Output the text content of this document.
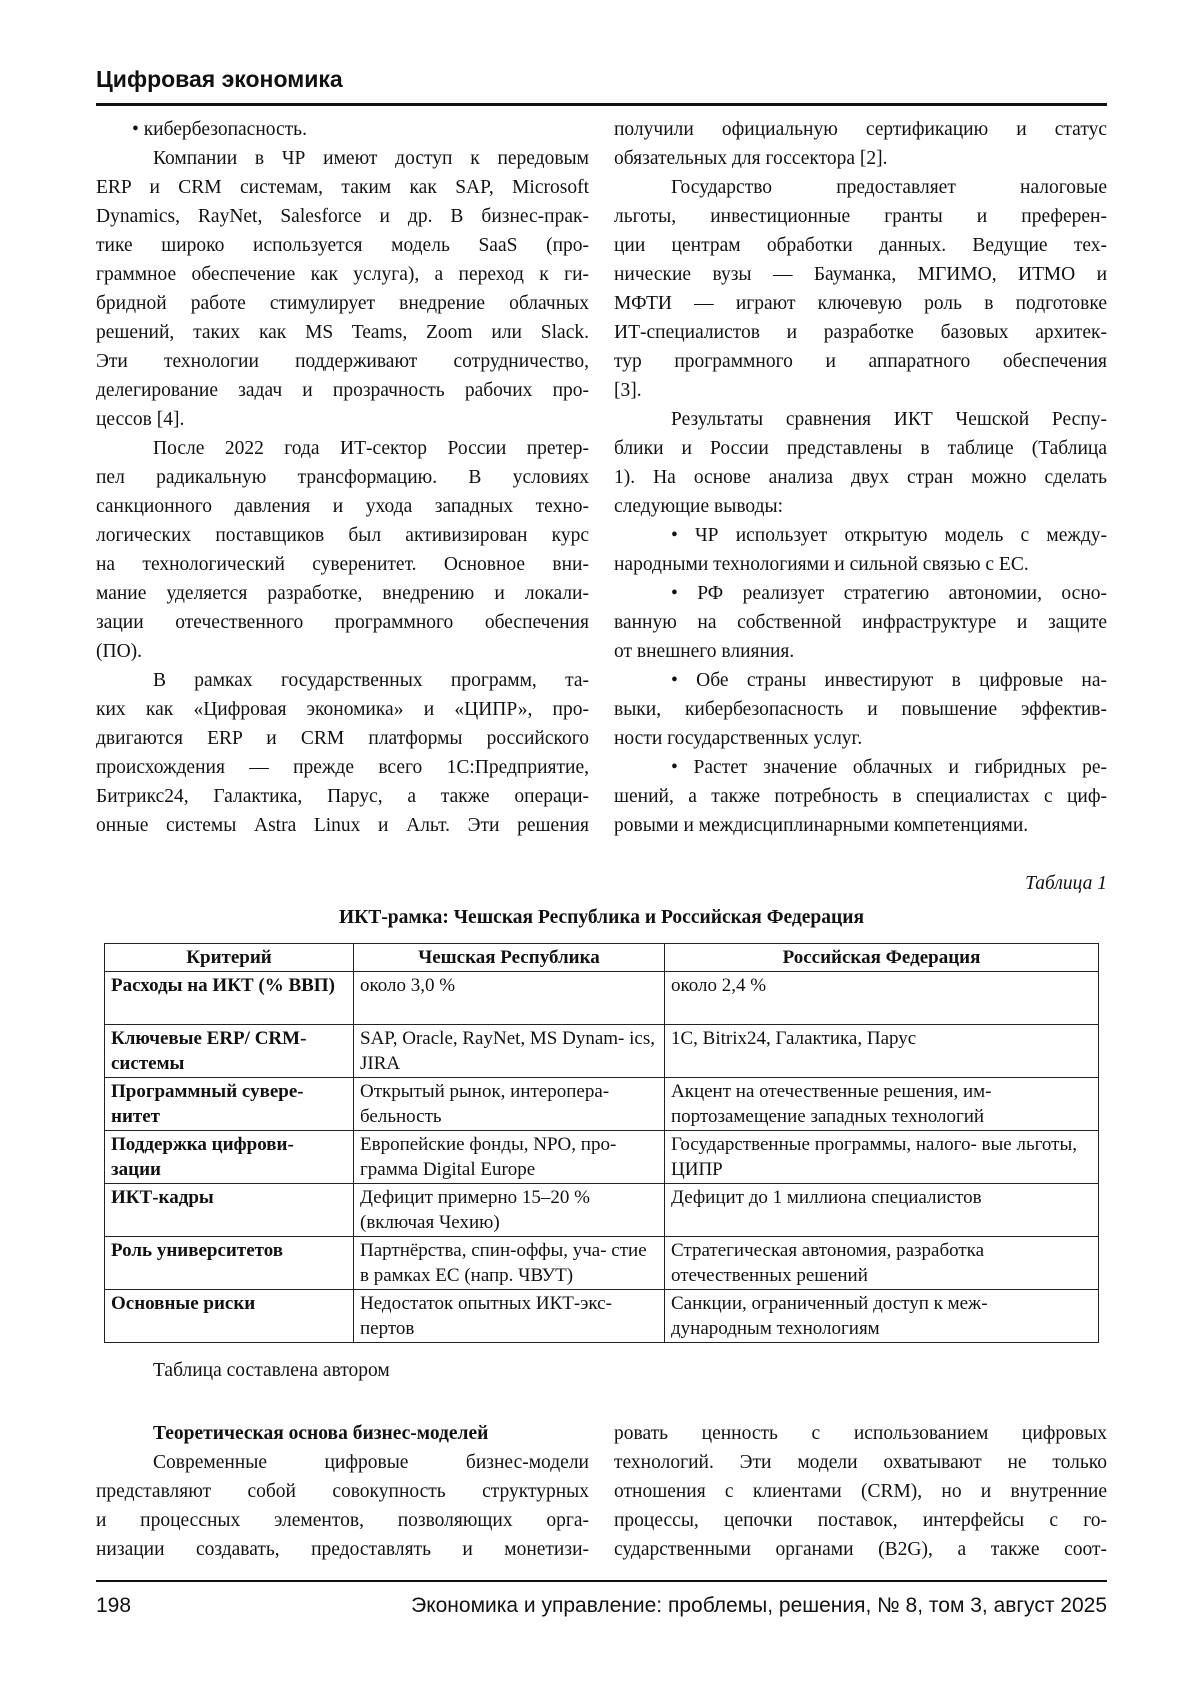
Цифровая экономика
• кибербезопасность.
Компании в ЧР имеют доступ к передовым
ERP и CRM системам, таким как SAP, Microsoft
Dynamics, RayNet, Salesforce и др. В бизнес-прак-
тике широко используется модель SaaS (про-
граммное обеспечение как услуга), а переход к ги-
бридной работе стимулирует внедрение облачных
решений, таких как MS Teams, Zoom или Slack.
Эти технологии поддерживают сотрудничество,
делегирование задач и прозрачность рабочих про-
цессов [4].
После 2022 года ИТ-сектор России претер-
пел радикальную трансформацию. В условиях
санкционного давления и ухода западных техно-
логических поставщиков был активизирован курс
на технологический суверенитет. Основное вни-
мание уделяется разработке, внедрению и локали-
зации отечественного программного обеспечения
(ПО).
В рамках государственных программ, та-
ких как «Цифровая экономика» и «ЦИПР», про-
двигаются ERP и CRM платформы российского
происхождения — прежде всего 1С:Предприятие,
Битрикс24, Галактика, Парус, а также операци-
онные системы Astra Linux и Альт. Эти решения
получили официальную сертификацию и статус
обязательных для госсектора [2].
Государство предоставляет налоговые
льготы, инвестиционные гранты и преферен-
ции центрам обработки данных. Ведущие тех-
нические вузы — Бауманка, МГИМО, ИТМО и
МФТИ — играют ключевую роль в подготовке
ИТ-специалистов и разработке базовых архитек-
тур программного и аппаратного обеспечения
[3].
Результаты сравнения ИКТ Чешской Респу-
блики и России представлены в таблице (Таблица
1). На основе анализа двух стран можно сделать
следующие выводы:
• ЧР использует открытую модель с между-
народными технологиями и сильной связью с ЕС.
• РФ реализует стратегию автономии, осно-
ванную на собственной инфраструктуре и защите
от внешнего влияния.
• Обе страны инвестируют в цифровые на-
выки, кибербезопасность и повышение эффектив-
ности государственных услуг.
• Растет значение облачных и гибридных ре-
шений, а также потребность в специалистах с циф-
ровыми и междисциплинарными компетенциями.
Таблица 1
ИКТ-рамка: Чешская Республика и Российская Федерация
Критерий	Чешская Республика	Российская Федерация
Расходы на ИКТ (% ВВП)	около 3,0 %	около 2,4 %
Ключевые ERP/ CRM-системы	SAP, Oracle, RayNet, MS Dynam- ics, JIRA	1C, Bitrix24, Галактика, Парус
Программный сувере- нитет	Открытый рынок, интеропера- бельность	Акцент на отечественные решения, им- портозамещение западных технологий
Поддержка цифрови- зации	Европейские фонды, NPO, про- грамма Digital Europe	Государственные программы, налого- вые льготы, ЦИПР
ИКТ-кадры	Дефицит примерно 15–20 % (включая Чехию)	Дефицит до 1 миллиона специалистов
Роль университетов	Партнёрства, спин-оффы, уча- стие в рамках ЕС (напр. ЧВУТ)	Стратегическая автономия, разработка отечественных решений
Основные риски	Недостаток опытных ИКТ-экс- пертов	Санкции, ограниченный доступ к меж- дународным технологиям
Таблица составлена автором
Теоретическая основа бизнес-моделей
Современные цифровые бизнес-модели
представляют собой совокупность структурных
и процессных элементов, позволяющих орга-
низации создавать, предоставлять и монетизи-
ровать ценность с использованием цифровых
технологий. Эти модели охватывают не только
отношения с клиентами (CRM), но и внутренние
процессы, цепочки поставок, интерфейсы с го-
сударственными органами (B2G), а также соот-
198	Экономика и управление: проблемы, решения, № 8, том 3, август 2025
